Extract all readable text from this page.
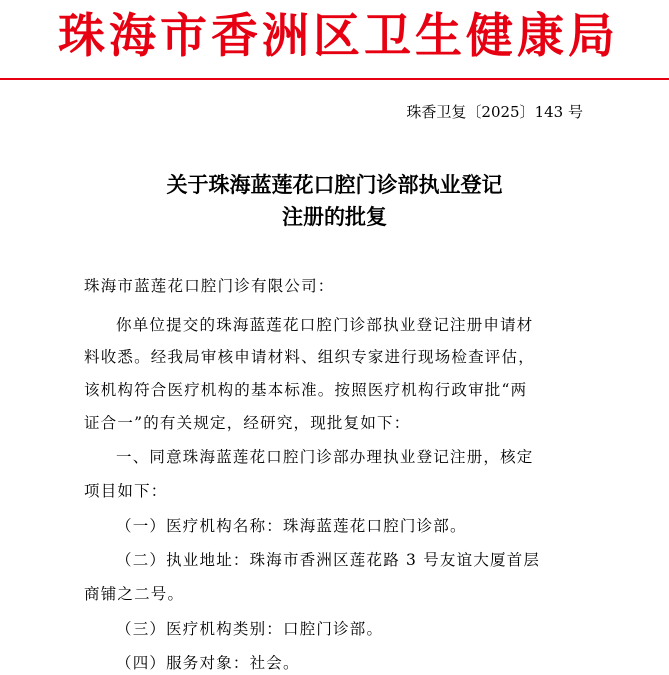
珠海市香洲区卫生健康局
珠香卫复〔2025〕143 号
关于珠海蓝莲花口腔门诊部执业登记
注册的批复
珠海市蓝莲花口腔门诊有限公司：
你单位提交的珠海蓝莲花口腔门诊部执业登记注册申请材
料收悉。经我局审核申请材料、组织专家进行现场检查评估，
该机构符合医疗机构的基本标准。按照医疗机构行政审批“两
证合一”的有关规定，经研究，现批复如下：
一、同意珠海蓝莲花口腔门诊部办理执业登记注册，核定
项目如下：
（一）医疗机构名称：珠海蓝莲花口腔门诊部。
（二）执业地址：珠海市香洲区莲花路 3 号友谊大厦首层
商铺之二号。
（三）医疗机构类别：口腔门诊部。
（四）服务对象：社会。
